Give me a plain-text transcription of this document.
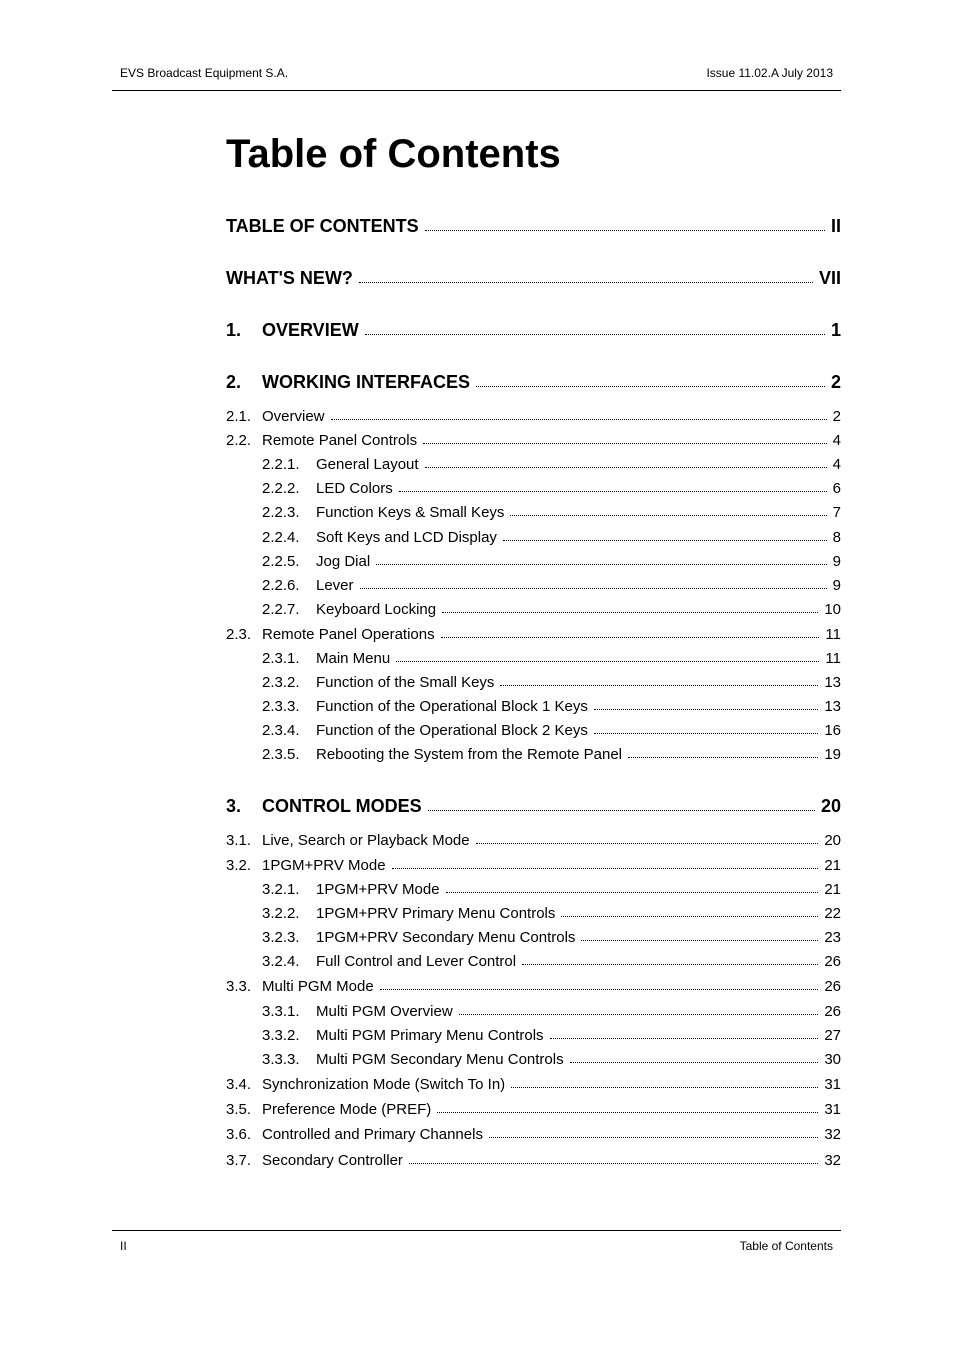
EVS Broadcast Equipment S.A.	Issue 11.02.A July 2013
Table of Contents
TABLE OF CONTENTS	II
WHAT'S NEW?	VII
1.	OVERVIEW	1
2.	WORKING INTERFACES	2
2.1. Overview	2
2.2. Remote Panel Controls	4
2.2.1.	General Layout	4
2.2.2.	LED Colors	6
2.2.3.	Function Keys & Small Keys	7
2.2.4.	Soft Keys and LCD Display	8
2.2.5.	Jog Dial	9
2.2.6.	Lever	9
2.2.7.	Keyboard Locking	10
2.3. Remote Panel Operations	11
2.3.1.	Main Menu	11
2.3.2.	Function of the Small Keys	13
2.3.3.	Function of the Operational Block 1 Keys	13
2.3.4.	Function of the Operational Block 2 Keys	16
2.3.5.	Rebooting the System from the Remote Panel	19
3.	CONTROL MODES	20
3.1. Live, Search or Playback Mode	20
3.2. 1PGM+PRV Mode	21
3.2.1.	1PGM+PRV Mode	21
3.2.2.	1PGM+PRV Primary Menu Controls	22
3.2.3.	1PGM+PRV Secondary Menu Controls	23
3.2.4.	Full Control and Lever Control	26
3.3. Multi PGM Mode	26
3.3.1.	Multi PGM Overview	26
3.3.2.	Multi PGM Primary Menu Controls	27
3.3.3.	Multi PGM Secondary Menu Controls	30
3.4. Synchronization Mode (Switch To In)	31
3.5. Preference Mode (PREF)	31
3.6. Controlled and Primary Channels	32
3.7. Secondary Controller	32
II	Table of Contents
